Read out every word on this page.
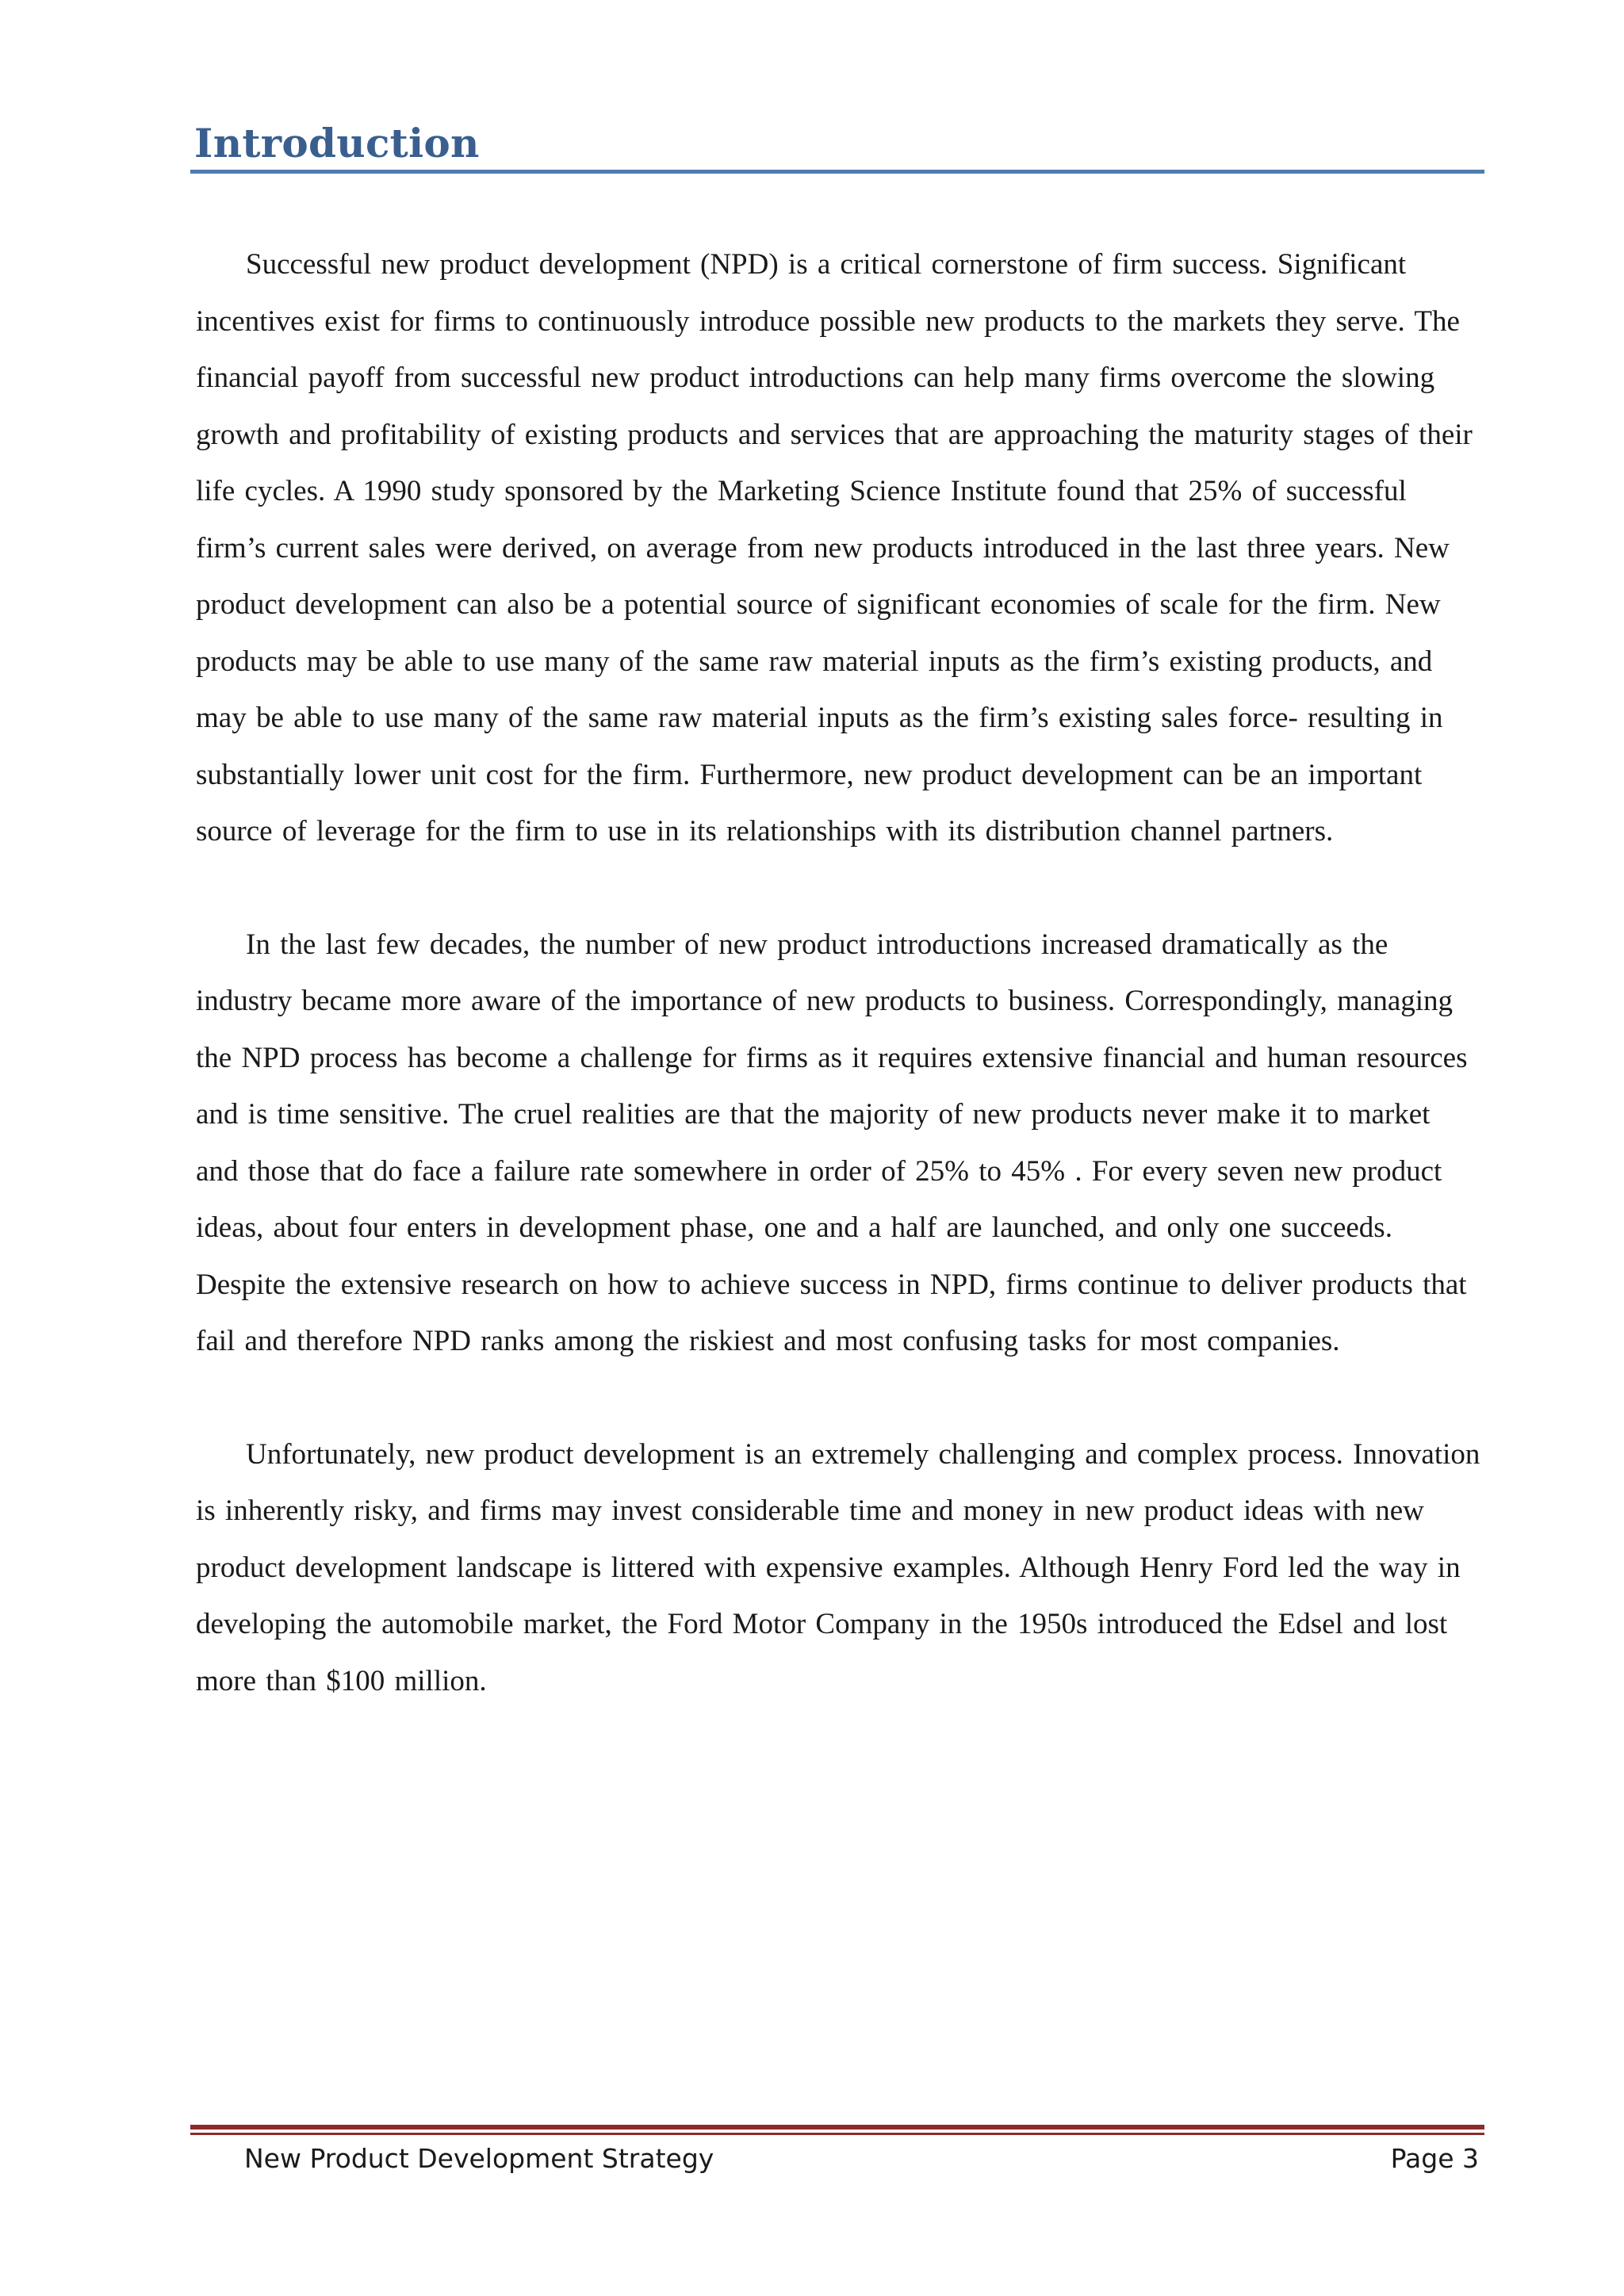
Introduction

Successful new product development (NPD) is a critical cornerstone of firm success. Significant incentives exist for firms to continuously introduce possible new products to the markets they serve. The financial payoff from successful new product introductions can help many firms overcome the slowing growth and profitability of existing products and services that are approaching the maturity stages of their life cycles. A 1990 study sponsored by the Marketing Science Institute found that 25% of successful firm’s current sales were derived, on average from new products introduced in the last three years. New product development can also be a potential source of significant economies of scale for the firm. New products may be able to use many of the same raw material inputs as the firm’s existing products, and may be able to use many of the same raw material inputs as the firm’s existing sales force- resulting in substantially lower unit cost for the firm. Furthermore, new product development can be an important source of leverage for the firm to use in its relationships with its distribution channel partners.

In the last few decades, the number of new product introductions increased dramatically as the industry became more aware of the importance of new products to business. Correspondingly, managing the NPD process has become a challenge for firms as it requires extensive financial and human resources and is time sensitive. The cruel realities are that the majority of new products never make it to market and those that do face a failure rate somewhere in order of 25% to 45% . For every seven new product ideas, about four enters in development phase, one and a half are launched, and only one succeeds. Despite the extensive research on how to achieve success in NPD, firms continue to deliver products that fail and therefore NPD ranks among the riskiest and most confusing tasks for most companies.

Unfortunately, new product development is an extremely challenging and complex process. Innovation is inherently risky, and firms may invest considerable time and money in new product ideas with new product development landscape is littered with expensive examples. Although Henry Ford led the way in developing the automobile market, the Ford Motor Company in the 1950s introduced the Edsel and lost more than $100 million.

New Product Development Strategy	Page 3
